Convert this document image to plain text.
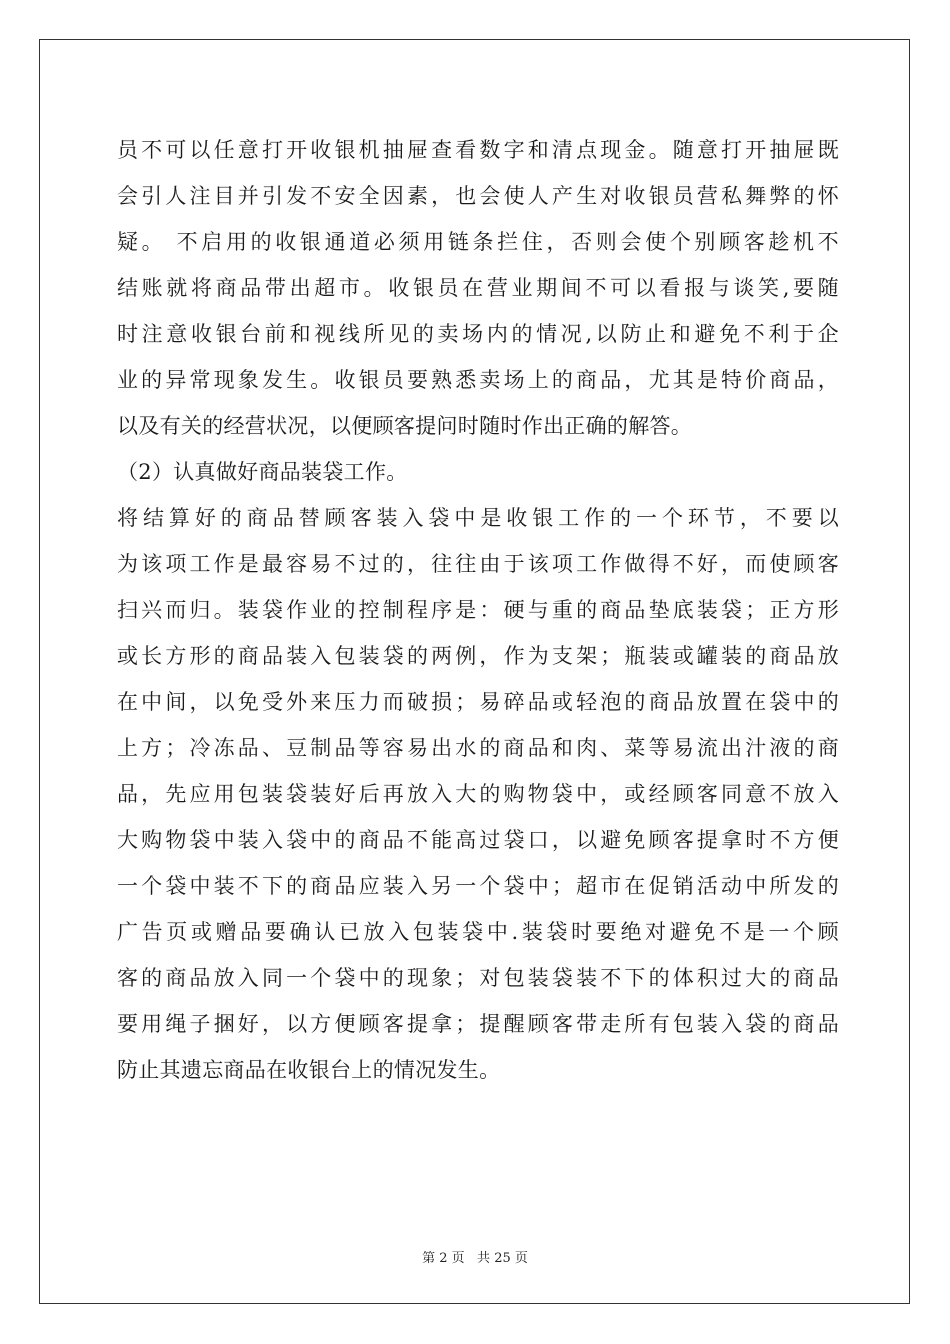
员不可以任意打开收银机抽屉查看数字和清点现金。随意打开抽屉既
会引人注目并引发不安全因素，也会使人产生对收银员营私舞弊的怀
疑。 不启用的收银通道必须用链条拦住，否则会使个别顾客趁机不
结账就将商品带出超市。收银员在营业期间不可以看报与谈笑,要随
时注意收银台前和视线所见的卖场内的情况,以防止和避免不利于企
业的异常现象发生。收银员要熟悉卖场上的商品，尤其是特价商品，
以及有关的经营状况，以便顾客提问时随时作出正确的解答。
（2）认真做好商品装袋工作。
将结算好的商品替顾客装入袋中是收银工作的一个环节，不要以
为该项工作是最容易不过的，往往由于该项工作做得不好，而使顾客
扫兴而归。装袋作业的控制程序是：硬与重的商品垫底装袋；正方形
或长方形的商品装入包装袋的两例，作为支架；瓶装或罐装的商品放
在中间，以免受外来压力而破损；易碎品或轻泡的商品放置在袋中的
上方；冷冻品、豆制品等容易出水的商品和肉、菜等易流出汁液的商
品，先应用包装袋装好后再放入大的购物袋中，或经顾客同意不放入
大购物袋中装入袋中的商品不能高过袋口，以避免顾客提拿时不方便
一个袋中装不下的商品应装入另一个袋中；超市在促销活动中所发的
广告页或赠品要确认已放入包装袋中.装袋时要绝对避免不是一个顾
客的商品放入同一个袋中的现象；对包装袋装不下的体积过大的商品
要用绳子捆好，以方便顾客提拿；提醒顾客带走所有包装入袋的商品
防止其遗忘商品在收银台上的情况发生。
第 2 页   共 25 页
